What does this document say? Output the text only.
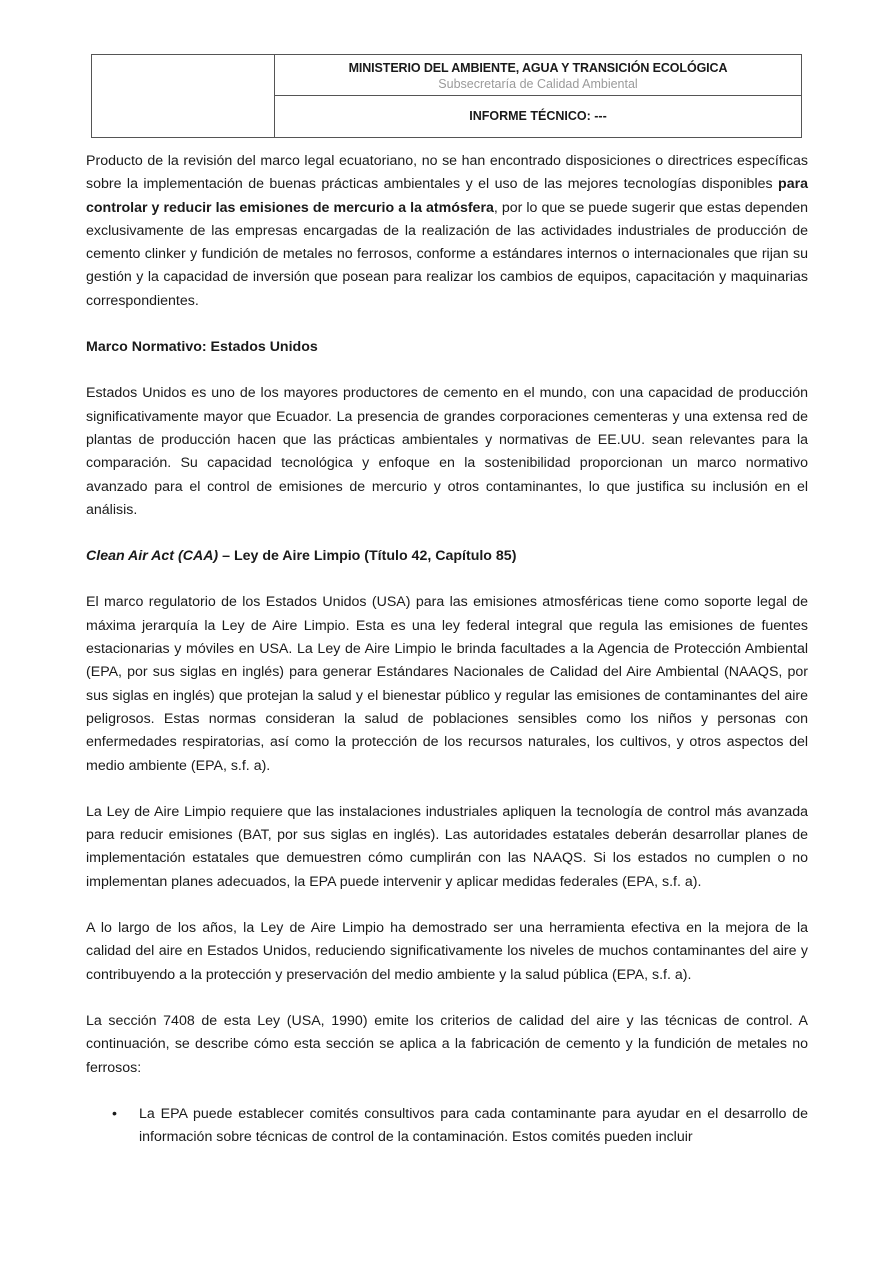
MINISTERIO DEL AMBIENTE, AGUA Y TRANSICIÓN ECOLÓGICA
Subsecretaría de Calidad Ambiental
INFORME TÉCNICO: ---

Producto de la revisión del marco legal ecuatoriano, no se han encontrado disposiciones o directrices específicas sobre la implementación de buenas prácticas ambientales y el uso de las mejores tecnologías disponibles para controlar y reducir las emisiones de mercurio a la atmósfera, por lo que se puede sugerir que estas dependen exclusivamente de las empresas encargadas de la realización de las actividades industriales de producción de cemento clinker y fundición de metales no ferrosos, conforme a estándares internos o internacionales que rijan su gestión y la capacidad de inversión que posean para realizar los cambios de equipos, capacitación y maquinarias correspondientes.

Marco Normativo: Estados Unidos

Estados Unidos es uno de los mayores productores de cemento en el mundo, con una capacidad de producción significativamente mayor que Ecuador. La presencia de grandes corporaciones cementeras y una extensa red de plantas de producción hacen que las prácticas ambientales y normativas de EE.UU. sean relevantes para la comparación. Su capacidad tecnológica y enfoque en la sostenibilidad proporcionan un marco normativo avanzado para el control de emisiones de mercurio y otros contaminantes, lo que justifica su inclusión en el análisis.

Clean Air Act (CAA) – Ley de Aire Limpio (Título 42, Capítulo 85)

El marco regulatorio de los Estados Unidos (USA) para las emisiones atmosféricas tiene como soporte legal de máxima jerarquía la Ley de Aire Limpio. Esta es una ley federal integral que regula las emisiones de fuentes estacionarias y móviles en USA. La Ley de Aire Limpio le brinda facultades a la Agencia de Protección Ambiental (EPA, por sus siglas en inglés) para generar Estándares Nacionales de Calidad del Aire Ambiental (NAAQS, por sus siglas en inglés) que protejan la salud y el bienestar público y regular las emisiones de contaminantes del aire peligrosos. Estas normas consideran la salud de poblaciones sensibles como los niños y personas con enfermedades respiratorias, así como la protección de los recursos naturales, los cultivos, y otros aspectos del medio ambiente (EPA, s.f. a).

La Ley de Aire Limpio requiere que las instalaciones industriales apliquen la tecnología de control más avanzada para reducir emisiones (BAT, por sus siglas en inglés). Las autoridades estatales deberán desarrollar planes de implementación estatales que demuestren cómo cumplirán con las NAAQS. Si los estados no cumplen o no implementan planes adecuados, la EPA puede intervenir y aplicar medidas federales (EPA, s.f. a).

A lo largo de los años, la Ley de Aire Limpio ha demostrado ser una herramienta efectiva en la mejora de la calidad del aire en Estados Unidos, reduciendo significativamente los niveles de muchos contaminantes del aire y contribuyendo a la protección y preservación del medio ambiente y la salud pública (EPA, s.f. a).

La sección 7408 de esta Ley (USA, 1990) emite los criterios de calidad del aire y las técnicas de control. A continuación, se describe cómo esta sección se aplica a la fabricación de cemento y la fundición de metales no ferrosos:

• La EPA puede establecer comités consultivos para cada contaminante para ayudar en el desarrollo de información sobre técnicas de control de la contaminación. Estos comités pueden incluir
